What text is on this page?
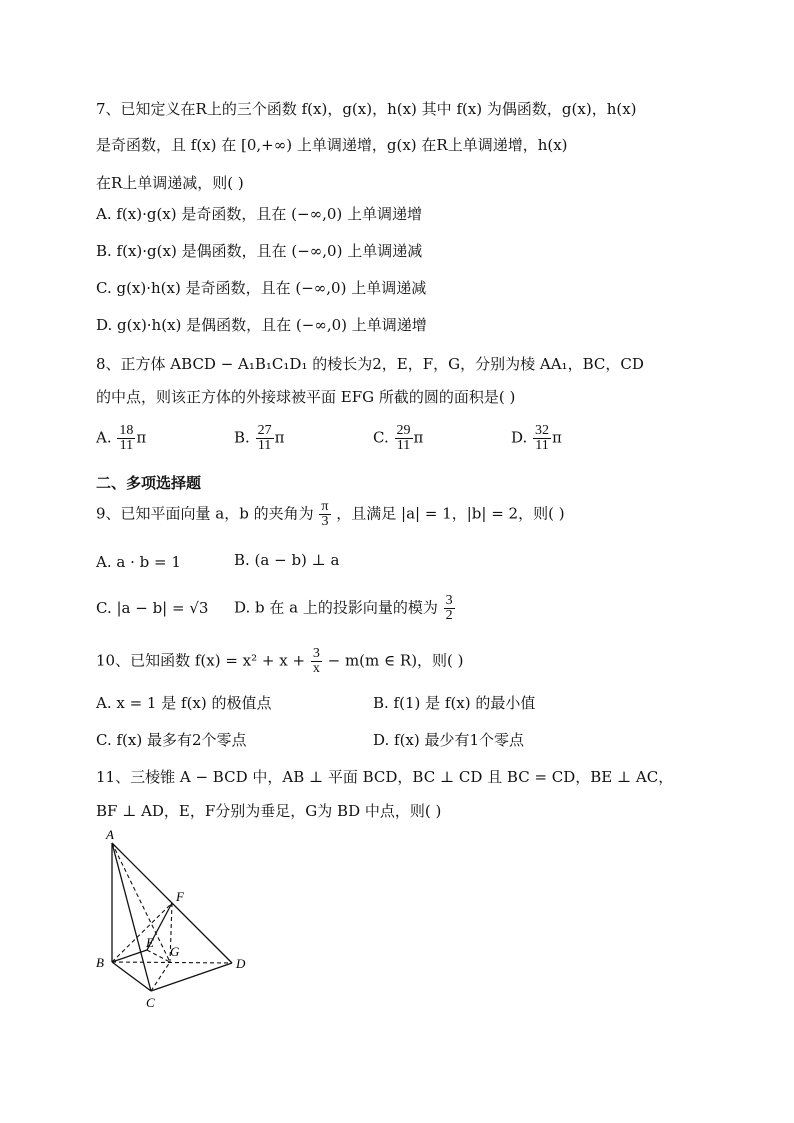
7、已知定义在R上的三个函数 f(x)，g(x)，h(x) 其中 f(x) 为偶函数，g(x)，h(x)
是奇函数，且 f(x) 在 [0,+∞) 上单调递增，g(x) 在R上单调递增，h(x)
在R上单调递减，则( )
A. f(x)·g(x) 是奇函数，且在 (−∞,0) 上单调递增
B. f(x)·g(x) 是偶函数，且在 (−∞,0) 上单调递减
C. g(x)·h(x) 是奇函数，且在 (−∞,0) 上单调递减
D. g(x)·h(x) 是偶函数，且在 (−∞,0) 上单调递增
8、正方体 ABCD − A₁B₁C₁D₁ 的棱长为2，E，F，G，分别为棱 AA₁，BC，CD
的中点，则该正方体的外接球被平面 EFG 所截的圆的面积是( )
A. $\frac{18}{11}$ π	B. $\frac{27}{11}$ π	C. $\frac{29}{11}$ π	D. $\frac{32}{11}$ π
二、多项选择题
9、已知平面向量 a，b 的夹角为 $\frac{\pi}{3}$ ，且满足 |a| = 1，|b| = 2，则( )
A. a · b = 1	B. (a − b) ⊥ a
C. |a − b| = √3 D. b 在 a 上的投影向量的模为 $\frac{3}{2}$
10、已知函数 $f(x) = x^2 + x + \frac{3}{x} - m(m$ ∈ R)，则( )
A. x = 1 是 f(x) 的极值点	B. f(1) 是 f(x) 的最小值
C. f(x) 最多有2个零点	D. f(x) 最少有1个零点
11、三棱锥 A − BCD 中，AB ⊥ 平面 BCD，BC ⊥ CD 且 BC = CD，BE ⊥ AC，
BF ⊥ AD，E，F分别为垂足，G为 BD 中点，则( )
A
B
C
D
E
F
G
